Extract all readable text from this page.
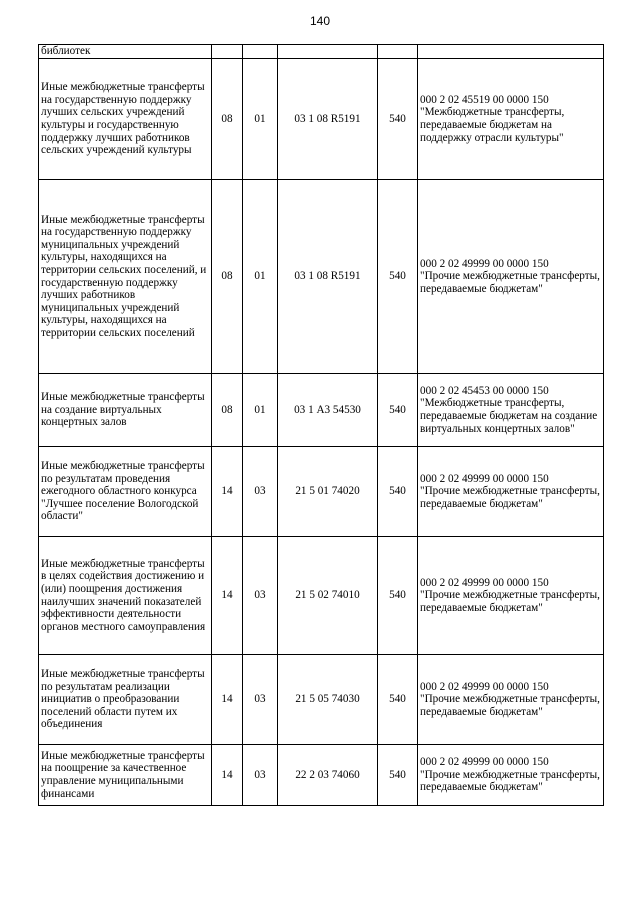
140
библиотек					

Иные межбюджетные трансферты на государственную поддержку лучших сельских учреждений культуры и государственную поддержку лучших работников сельских учреждений культуры	08	01	03 1 08 R5191	540	000 2 02 45519 00 0000 150
"Межбюджетные трансферты, передаваемые бюджетам на поддержку отрасли культуры"

Иные межбюджетные трансферты на государственную поддержку муниципальных учреждений культуры, находящихся на территории сельских поселений, и государственную поддержку лучших работников муниципальных учреждений культуры, находящихся на территории сельских поселений	08	01	03 1 08 R5191	540	000 2 02 49999 00 0000 150
"Прочие межбюджетные трансферты, передаваемые бюджетам"

Иные межбюджетные трансферты на создание виртуальных концертных залов	08	01	03 1 А3 54530	540	000 2 02 45453 00 0000 150
"Межбюджетные трансферты, передаваемые бюджетам на создание виртуальных концертных залов"

Иные межбюджетные трансферты по результатам проведения ежегодного областного конкурса "Лучшее поселение Вологодской области"	14	03	21 5 01 74020	540	000 2 02 49999 00 0000 150
"Прочие межбюджетные трансферты, передаваемые бюджетам"

Иные межбюджетные трансферты в целях содействия достижению и (или) поощрения достижения наилучших значений показателей эффективности деятельности органов местного самоуправления	14	03	21 5 02 74010	540	000 2 02 49999 00 0000 150
"Прочие межбюджетные трансферты, передаваемые бюджетам"

Иные межбюджетные трансферты по результатам реализации инициатив о преобразовании поселений области путем их объединения	14	03	21 5 05 74030	540	000 2 02 49999 00 0000 150
"Прочие межбюджетные трансферты, передаваемые бюджетам"

Иные межбюджетные трансферты на поощрение за качественное управление муниципальными финансами	14	03	22 2 03 74060	540	000 2 02 49999 00 0000 150
"Прочие межбюджетные трансферты, передаваемые бюджетам"
